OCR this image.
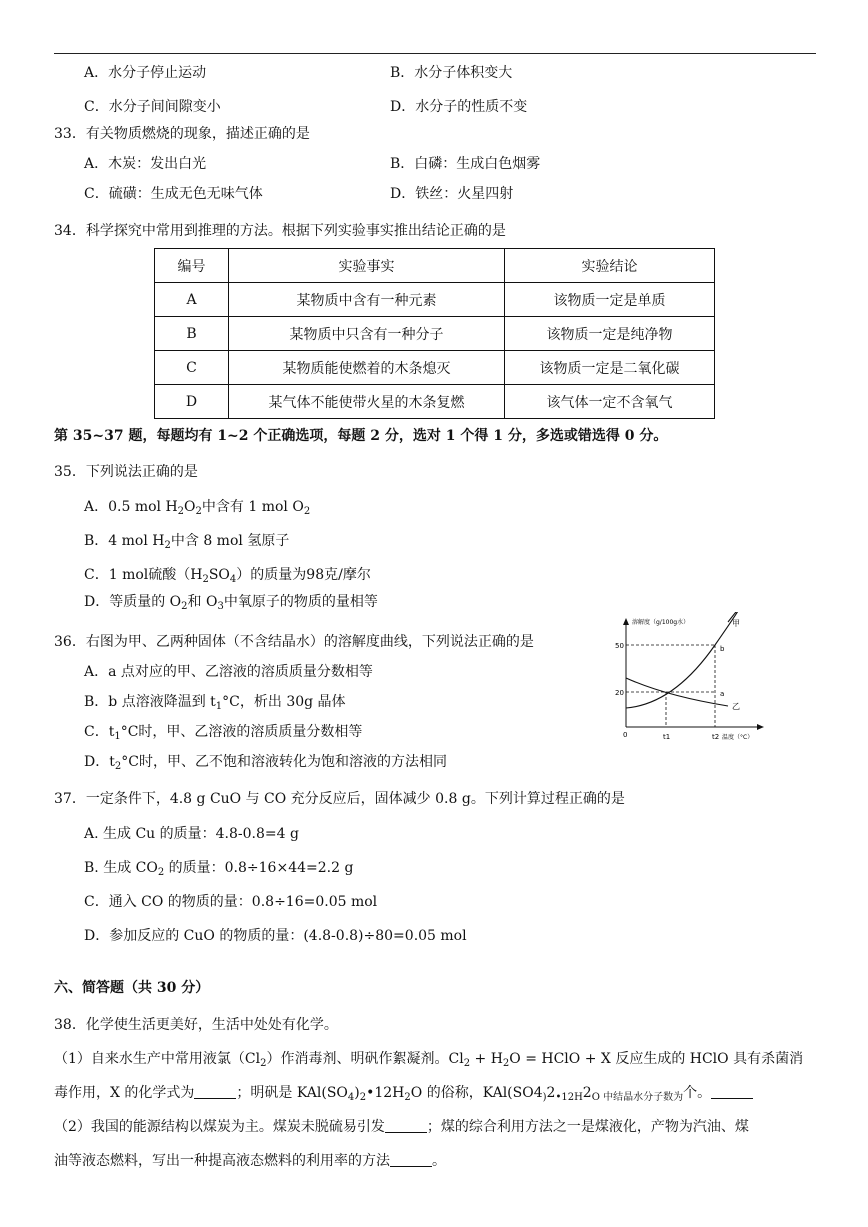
A．水分子停止运动	B．水分子体积变大
C．水分子间间隙变小	D．水分子的性质不变
33．有关物质燃烧的现象，描述正确的是
A．木炭：发出白光	B．白磷：生成白色烟雾
C．硫磺：生成无色无味气体	D．铁丝：火星四射
34．科学探究中常用到推理的方法。根据下列实验事实推出结论正确的是
编号	实验事实	实验结论
A	某物质中含有一种元素	该物质一定是单质
B	某物质中只含有一种分子	该物质一定是纯净物
C	某物质能使燃着的木条熄灭	该物质一定是二氧化碳
D	某气体不能使带火星的木条复燃	该气体一定不含氧气
第 35~37 题，每题均有 1~2 个正确选项，每题 2 分，选对 1 个得 1 分，多选或错选得 0 分。
35．下列说法正确的是
A．0.5 mol $H_2O_2$中含有 1 mol $O_2$
B．4 mol $H_2$中含 8 mol 氢原子
C．1 mol硫酸$(H_2SO_4)$的质量为98克/摩尔
D．等质量的 $O_2$和 $O_3$中氧原子的物质的量相等
36．右图为甲、乙两种固体（不含结晶水）的溶解度曲线，下列说法正确的是
A．a 点对应的甲、乙溶液的溶质质量分数相等
B．b 点溶液降温到 $t_1^\circ C$，析出 30g 晶体
C．$t_1^\circ C$时，甲、乙溶液的溶质质量分数相等
D．$t_2^\circ C$时，甲、乙不饱和溶液转化为饱和溶液的方法相同
溶解度（g/100g水）
温度（°C）
50
20
0	t1	t2
甲
乙
b
a
37．一定条件下，4.8 g CuO 与 CO 充分反应后，固体减少 0.8 g。下列计算过程正确的是
A. 生成 Cu 的质量：4.8-0.8=4 g
B. 生成 $CO_2$ 的质量：0.8÷16×44=2.2 g
C．通入 CO 的物质的量：0.8÷16=0.05 mol
D．参加反应的 CuO 的物质的量：(4.8-0.8)÷80=0.05 mol
六、简答题（共 30 分）
38．化学使生活更美好，生活中处处有化学。
（1）自来水生产中常用液氯$(Cl_2)$作消毒剂、明矾作絮凝剂。$Cl_2 + H_2O$ = HClO + X 反应生成的 HClO 具有杀菌消
毒作用，X 的化学式为	；明矾是 $KAl(SO_4)_2•12H_2O$ 的俗称，$KAl(SO4_)2_{•12H}2_{O 中结晶水分子数为}$个。
（2）我国的能源结构以煤炭为主。煤炭未脱硫易引发	；煤的综合利用方法之一是煤液化，产物为汽油、煤
油等液态燃料，写出一种提高液态燃料的利用率的方法	。
